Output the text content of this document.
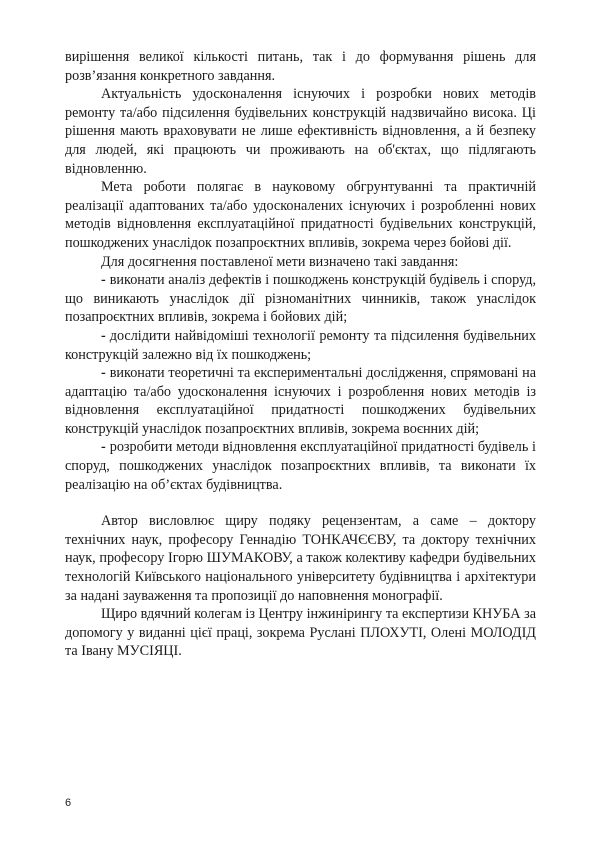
вирішення великої кількості питань, так і до формування рішень для розв’язання конкретного завдання.

Актуальність удосконалення існуючих і розробки нових методів ремонту та/або підсилення будівельних конструкцій надзвичайно висока. Ці рішення мають враховувати не лише ефективність відновлення, а й безпеку для людей, які працюють чи проживають на об'єктах, що підлягають відновленню.

Мета роботи полягає в науковому обгрунтуванні та практичній реалізації адаптованих та/або удосконалених існуючих і розробленні нових методів відновлення експлуатаційної придатності будівельних конструкцій, пошкоджених унаслідок позапроєктних впливів, зокрема через бойові дії.

Для досягнення поставленої мети визначено такі завдання:

- виконати аналіз дефектів і пошкоджень конструкцій будівель і споруд, що виникають унаслідок дії різноманітних чинників, також унаслідок позапроєктних впливів, зокрема і бойових дій;

- дослідити найвідоміші технології ремонту та підсилення будівельних конструкцій залежно від їх пошкоджень;

- виконати теоретичні та експериментальні дослідження, спрямовані на адаптацію та/або удосконалення існуючих і розроблення нових методів із відновлення експлуатаційної придатності пошкоджених будівельних конструкцій унаслідок позапроєктних впливів, зокрема воєнних дій;

- розробити методи відновлення експлуатаційної придатності будівель і споруд, пошкоджених унаслідок позапроєктних впливів, та виконати їх реалізацію на об’єктах будівництва.

Автор висловлює щиру подяку рецензентам, а саме – доктору технічних наук, професору Геннадію ТОНКАЧЄЄВУ, та доктору технічних наук, професору Ігорю ШУМАКОВУ, а також колективу кафедри будівельних технологій Київського національного університету будівництва і архітектури за надані зауваження та пропозиції до наповнення монографії.

Щиро вдячний колегам із Центру інжинірингу та експертизи КНУБА за допомогу у виданні цієї праці, зокрема Руслані ПЛОХУТІ, Олені МОЛОДІД та Івану МУСІЯЦІ.

6
